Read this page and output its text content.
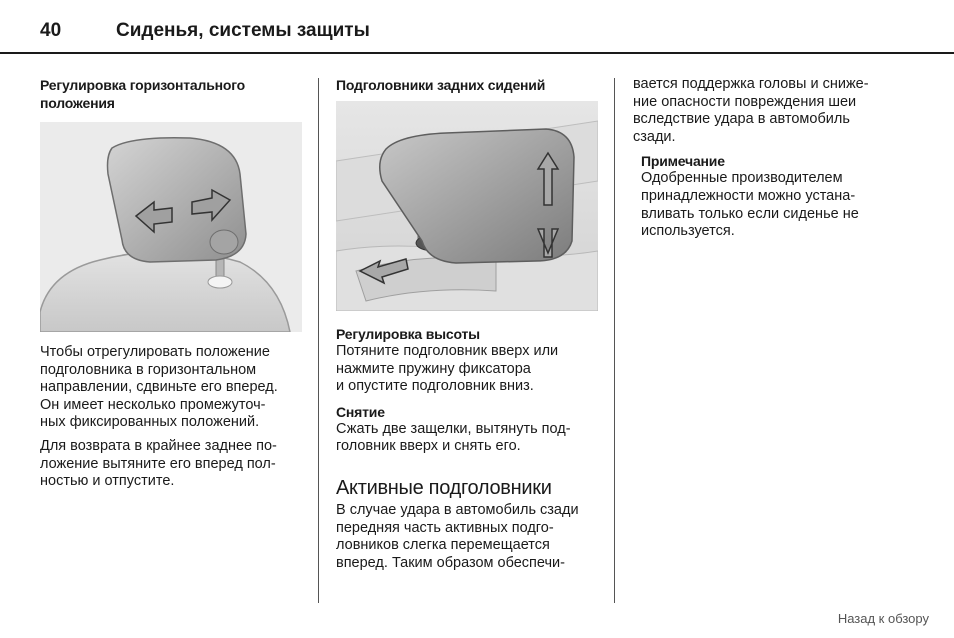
40	Сиденья, системы защиты

Регулировка горизонтального
положения

Чтобы отрегулировать положение
подголовника в горизонтальном
направлении, сдвиньте его вперед.
Он имеет несколько промежуточ-
ных фиксированных положений.

Для возврата в крайнее заднее по-
ложение вытяните его вперед пол-
ностью и отпустите.

Подголовники задних сидений

Регулировка высоты

Потяните подголовник вверх или
нажмите пружину фиксатора
и опустите подголовник вниз.

Снятие

Сжать две защелки, вытянуть под-
головник вверх и снять его.

Активные подголовники

В случае удара в автомобиль сзади
передняя часть активных подго-
ловников слегка перемещается
вперед. Таким образом обеспечи-

вается поддержка головы и сниже-
ние опасности повреждения шеи
вследствие удара в автомобиль
сзади.

Примечание

Одобренные производителем
принадлежности можно устана-
вливать только если сиденье не
используется.

Назад к обзору
